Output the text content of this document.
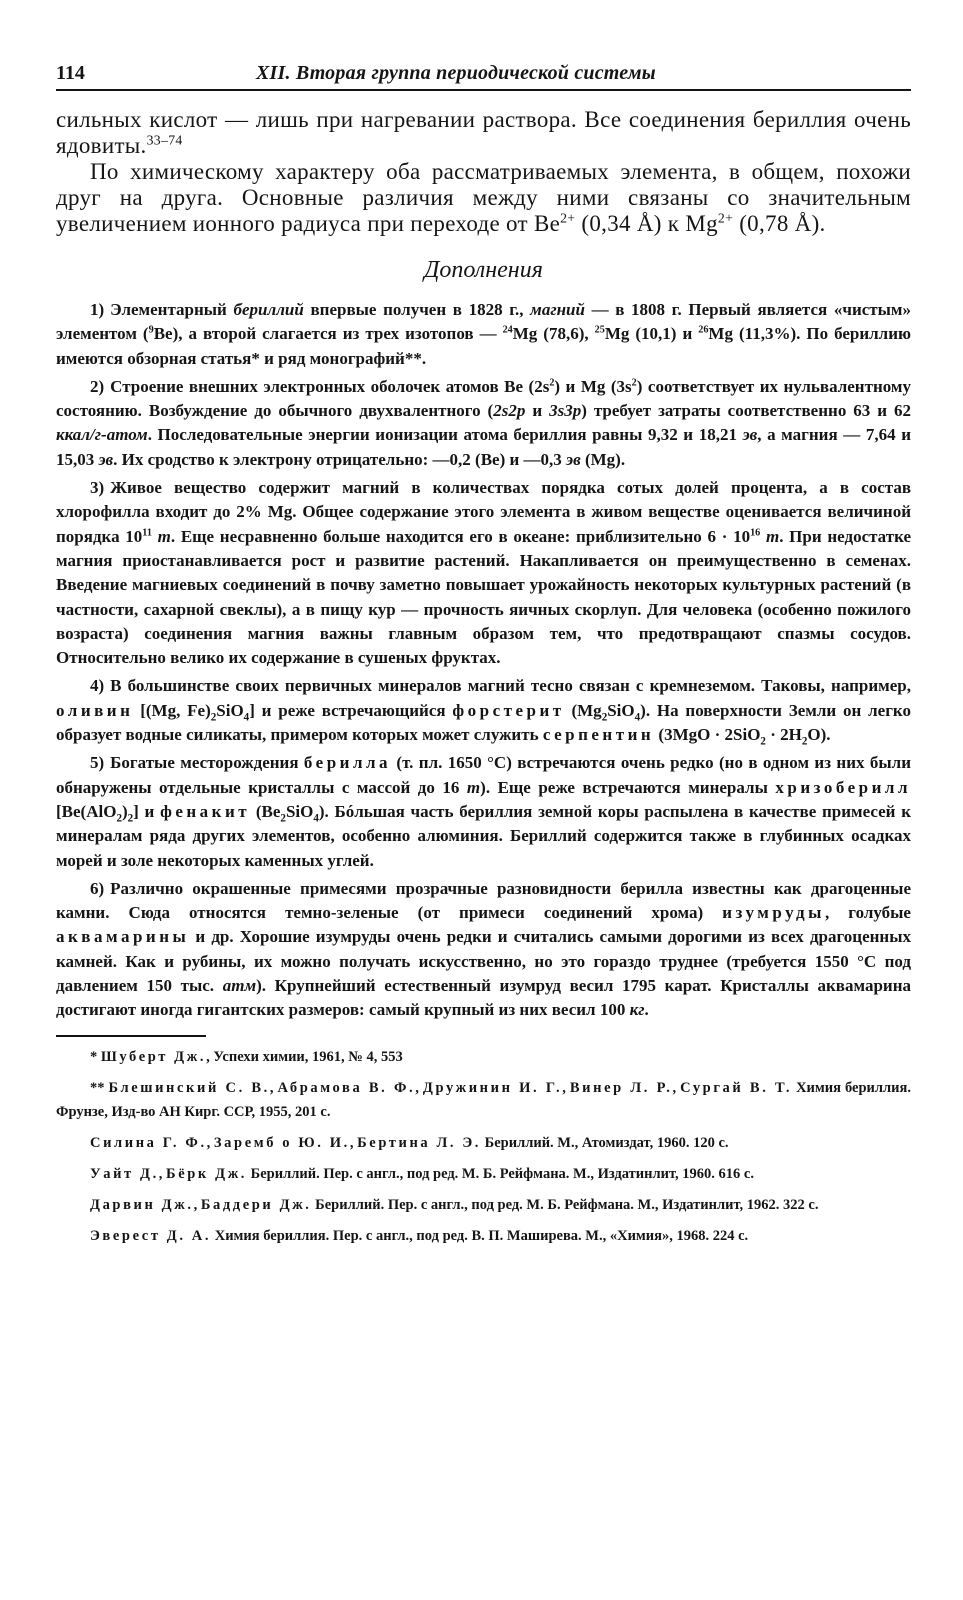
114	XII. Вторая группа периодической системы

сильных кислот — лишь при нагревании раствора. Все соединения бериллия очень ядовиты.$^{33-74}$

По химическому характеру оба рассматриваемых элемента, в общем, похожи друг на друга. Основные различия между ними связаны со значительным увеличением ионного радиуса при переходе от $Be^{2+}$ (0,34 Å) к $Mg^{2+}$ (0,78 Å).

Дополнения

1) Элементарный бериллий впервые получен в 1828 г., магний — в 1808 г. Первый является «чистым» элементом ($^9$Be), а второй слагается из трех изотопов — $^{24}$Mg (78,6), $^{25}$Mg (10,1) и $^{26}$Mg (11,3%). По бериллию имеются обзорная статья* и ряд монографий**.

2) Строение внешних электронных оболочек атомов Be $(2s^2)$ и Mg $(3s^2)$ соответствует их нульвалентному состоянию. Возбуждение до обычного двухвалентного (2s2p и 3s3p) требует затраты соответственно 63 и 62 ккал/г-атом. Последовательные энергии ионизации атома бериллия равны 9,32 и 18,21 эв, а магния — 7,64 и 15,03 эв. Их сродство к электрону отрицательно: —0,2 (Be) и —0,3 эв (Mg).

3) Живое вещество содержит магний в количествах порядка сотых долей процента, а в состав хлорофилла входит до 2% Mg. Общее содержание этого элемента в живом веществе оценивается величиной порядка $10^{11}$ т. Еще несравненно больше находится его в океане: приблизительно $6 \cdot 10^{16}$ т. При недостатке магния приостанавливается рост и развитие растений. Накапливается он преимущественно в семенах. Введение магниевых соединений в почву заметно повышает урожайность некоторых культурных растений (в частности, сахарной свеклы), а в пищу кур — прочность яичных скорлуп. Для человека (особенно пожилого возраста) соединения магния важны главным образом тем, что предотвращают спазмы сосудов. Относительно велико их содержание в сушеных фруктах.

4) В большинстве своих первичных минералов магний тесно связан с кремнеземом. Таковы, например, оливин [(Mg, $Fe)_2SiO_4$] и реже встречающийся форстерит $(Mg_2SiO_4)$. На поверхности Земли он легко образует водные силикаты, примером которых может служить серпентин $(3MgO \cdot 2SiO_2 \cdot 2H_2O)$.

5) Богатые месторождения берилла (т. пл. 1650 °C) встречаются очень редко (но в одном из них были обнаружены отдельные кристаллы с массой до 16 т). Еще реже встречаются минералы хризоберилл $[Be(AlO_2)_2]$ и фенакит $(Be_2SiO_4)$. Бóльшая часть бериллия земной коры распылена в качестве примесей к минералам ряда других элементов, особенно алюминия. Бериллий содержится также в глубинных осадках морей и золе некоторых каменных углей.

6) Различно окрашенные примесями прозрачные разновидности берилла известны как драгоценные камни. Сюда относятся темно-зеленые (от примеси соединений хрома) изумруды, голубые аквамарины и др. Хорошие изумруды очень редки и считались самыми дорогими из всех драгоценных камней. Как и рубины, их можно получать искусственно, но это гораздо труднее (требуется 1550 °C под давлением 150 тыс. атм). Крупнейший естественный изумруд весил 1795 карат. Кристаллы аквамарина достигают иногда гигантских размеров: самый крупный из них весил 100 кг.

* Шуберт Дж., Успехи химии, 1961, № 4, 553

** Блешинский С. В., Абрамова В. Ф., Дружинин И. Г., Винер Л. Р., Сургай В. Т. Химия бериллия. Фрунзе, Изд-во АН Кирг. ССР, 1955, 201 с.

Силина Г. Ф., Заремб о Ю. И., Бертина Л. Э. Бериллий. М., Атомиздат, 1960. 120 с.

Уайт Д., Бёрк Дж. Бериллий. Пер. с англ., под ред. М. Б. Рейфмана. М., Издатинлит, 1960. 616 с.

Дарвин Дж., Баддери Дж. Бериллий. Пер. с англ., под ред. М. Б. Рейфмана. М., Издатинлит, 1962. 322 с.

Эверест Д. А. Химия бериллия. Пер. с англ., под ред. В. П. Маширева. М., «Химия», 1968. 224 с.
